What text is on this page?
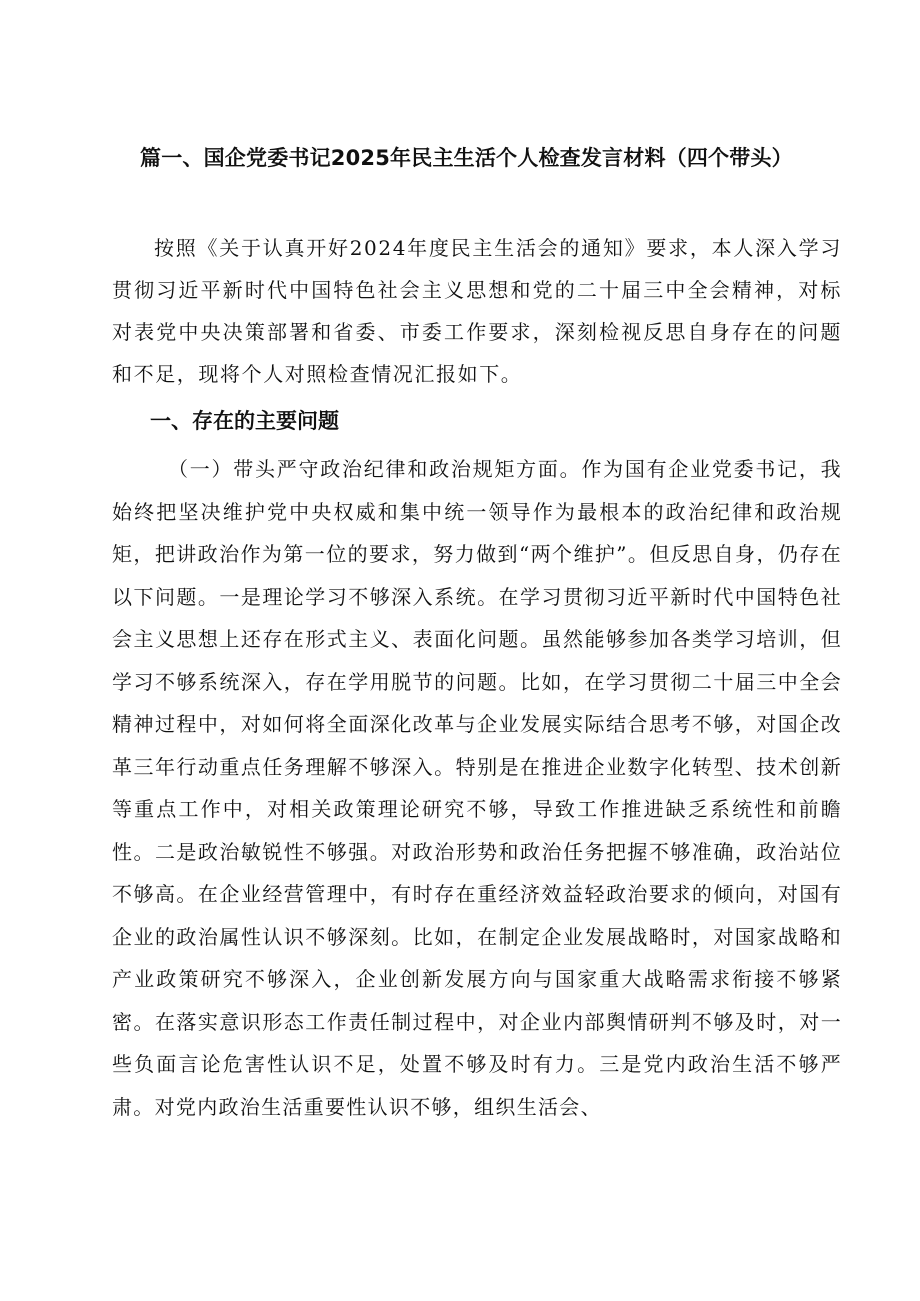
篇一、国企党委书记2025年民主生活个人检查发言材料（四个带头）

按照《关于认真开好2024年度民主生活会的通知》要求，本人深入学习贯彻习近平新时代中国特色社会主义思想和党的二十届三中全会精神，对标对表党中央决策部署和省委、市委工作要求，深刻检视反思自身存在的问题和不足，现将个人对照检查情况汇报如下。

一、存在的主要问题

（一）带头严守政治纪律和政治规矩方面。作为国有企业党委书记，我始终把坚决维护党中央权威和集中统一领导作为最根本的政治纪律和政治规矩，把讲政治作为第一位的要求，努力做到“两个维护”。但反思自身，仍存在以下问题。一是理论学习不够深入系统。在学习贯彻习近平新时代中国特色社会主义思想上还存在形式主义、表面化问题。虽然能够参加各类学习培训，但学习不够系统深入，存在学用脱节的问题。比如，在学习贯彻二十届三中全会精神过程中，对如何将全面深化改革与企业发展实际结合思考不够，对国企改革三年行动重点任务理解不够深入。特别是在推进企业数字化转型、技术创新等重点工作中，对相关政策理论研究不够，导致工作推进缺乏系统性和前瞻性。二是政治敏锐性不够强。对政治形势和政治任务把握不够准确，政治站位不够高。在企业经营管理中，有时存在重经济效益轻政治要求的倾向，对国有企业的政治属性认识不够深刻。比如，在制定企业发展战略时，对国家战略和产业政策研究不够深入，企业创新发展方向与国家重大战略需求衔接不够紧密。在落实意识形态工作责任制过程中，对企业内部舆情研判不够及时，对一些负面言论危害性认识不足，处置不够及时有力。三是党内政治生活不够严肃。对党内政治生活重要性认识不够，组织生活会、
